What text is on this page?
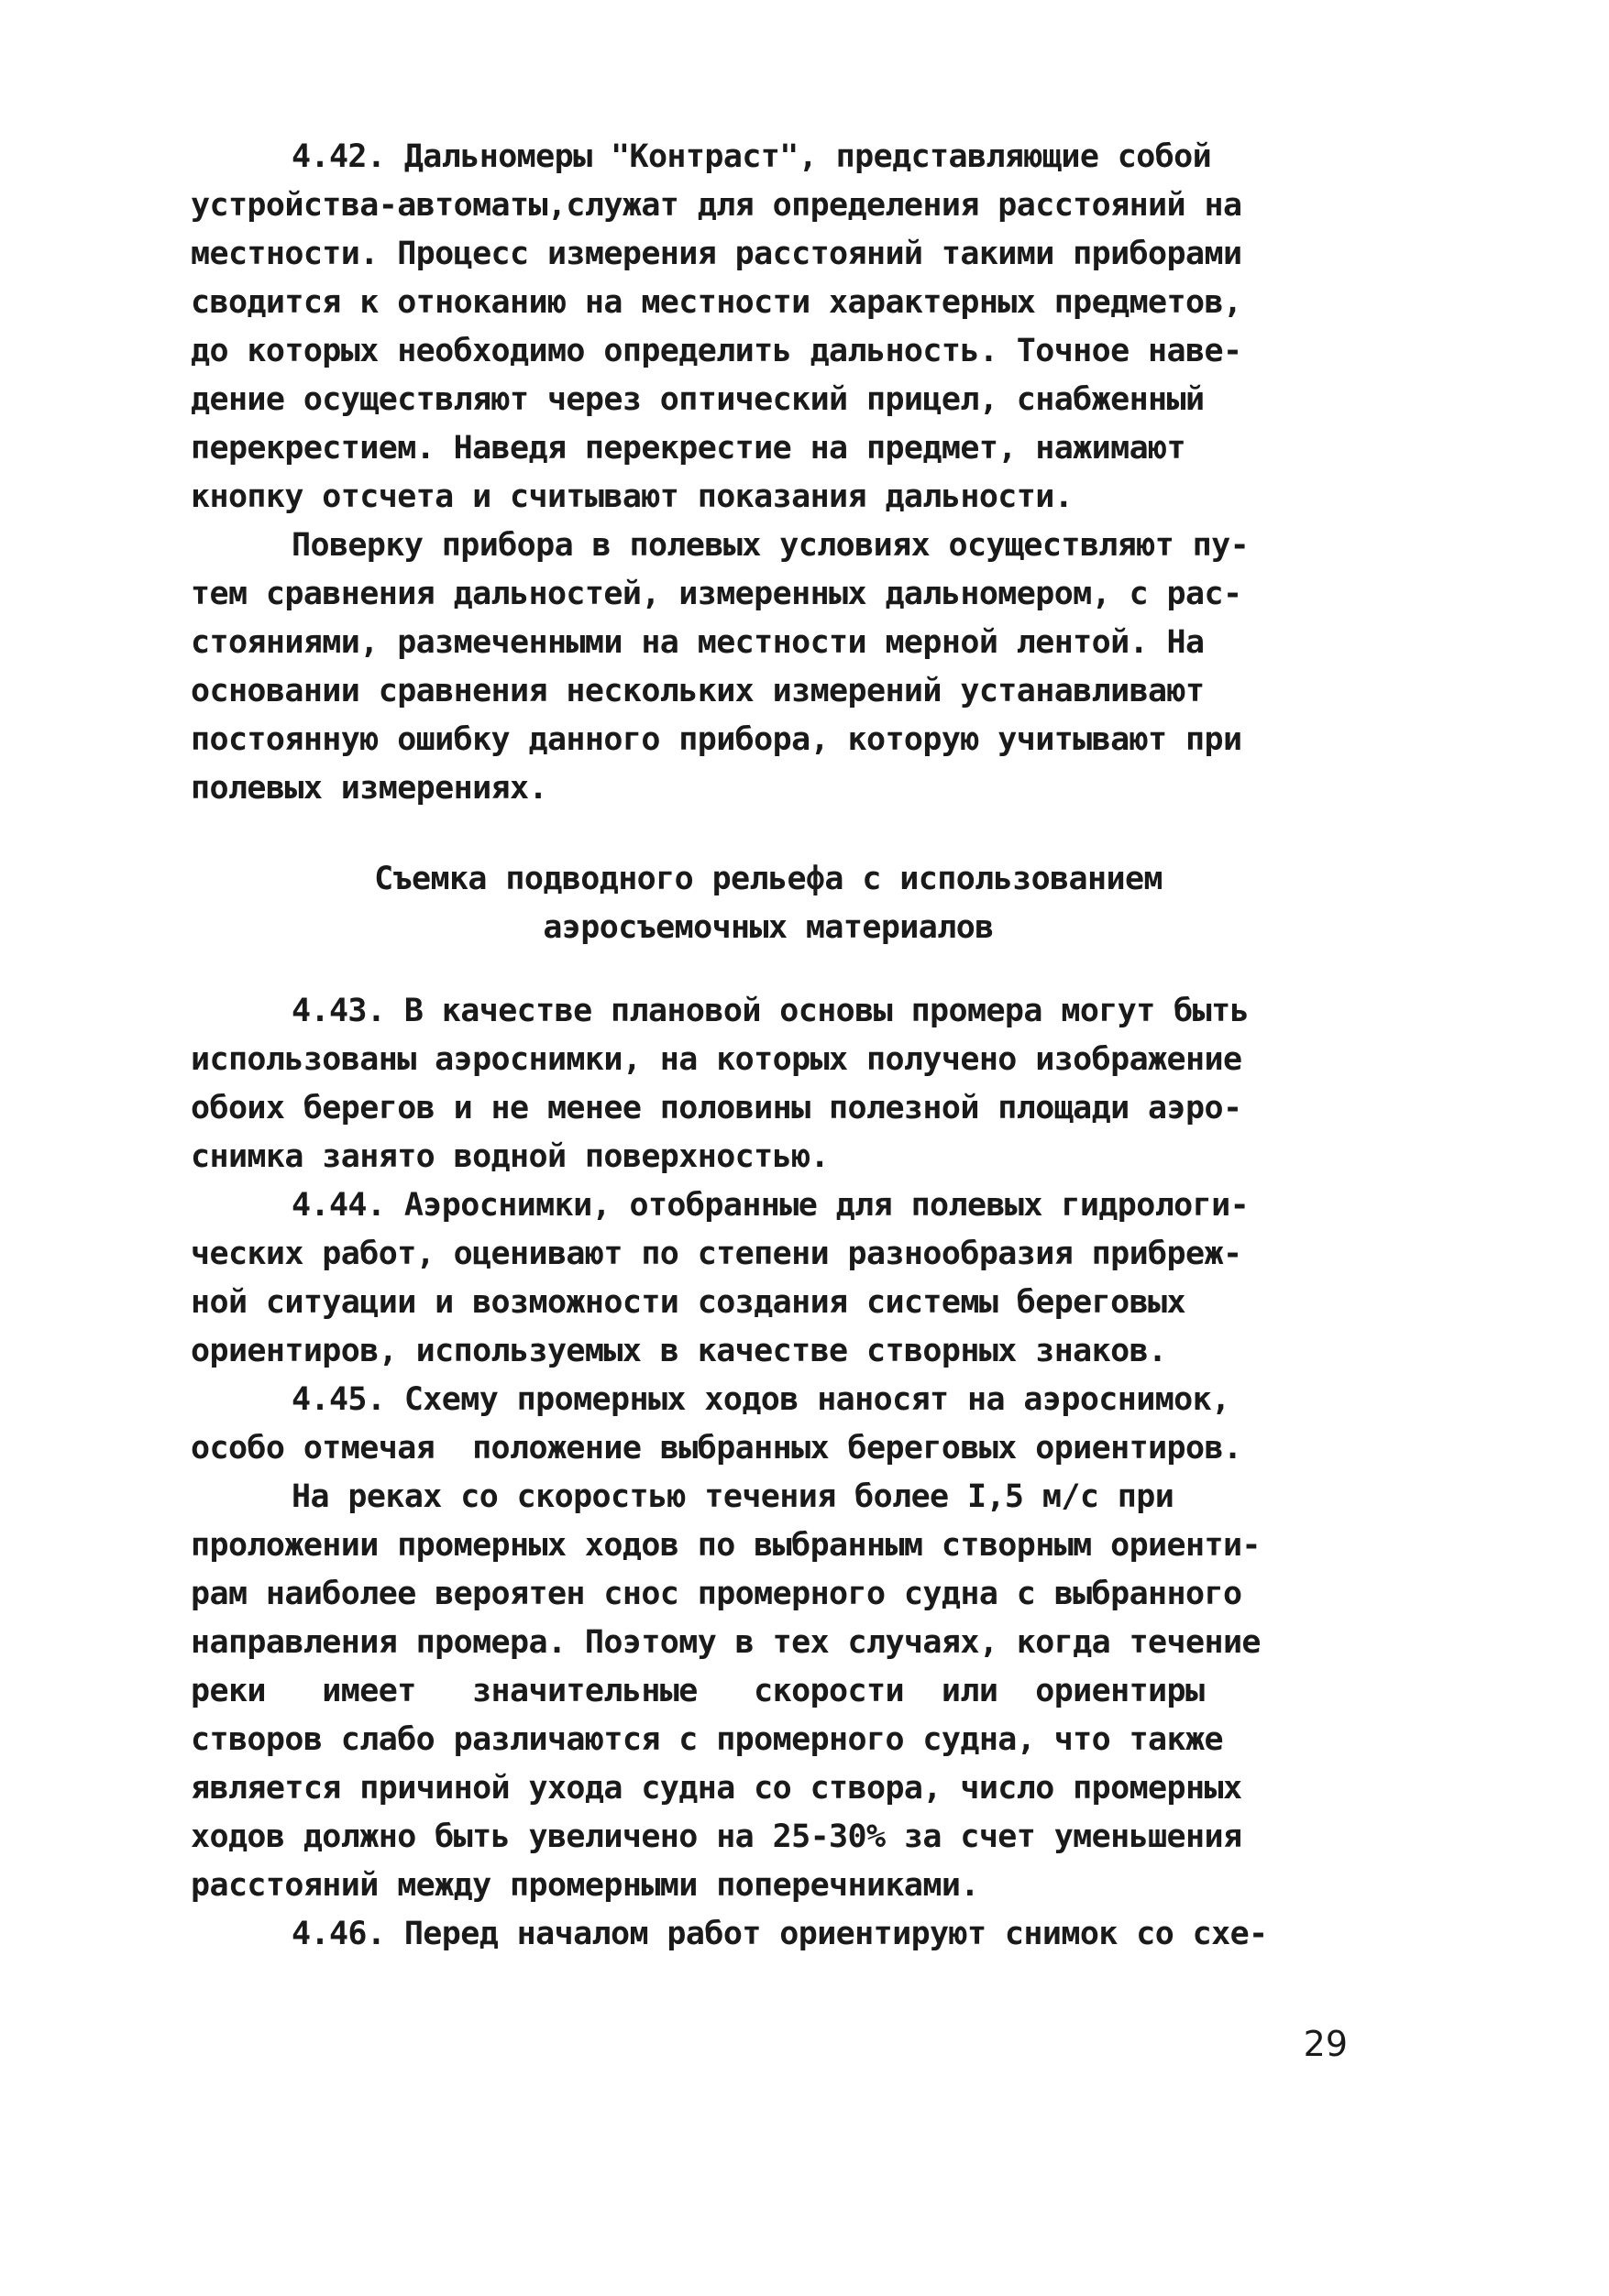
4.42. Дальномеры "Контраст", представляющие собой
устройства-автоматы,служат для определения расстояний на
местности. Процесс измерения расстояний такими приборами
сводится к отноканию на местности характерных предметов,
до которых необходимо определить дальность. Точное наве-
дение осуществляют через оптический прицел, снабженный
перекрестием. Наведя перекрестие на предмет, нажимают
кнопку отсчета и считывают показания дальности.
Поверку прибора в полевых условиях осуществляют пу-
тем сравнения дальностей, измеренных дальномером, с рас-
стояниями, размеченными на местности мерной лентой. На
основании сравнения нескольких измерений устанавливают
постоянную ошибку данного прибора, которую учитывают при
полевых измерениях.
Съемка подводного рельефа с использованием
аэросъемочных материалов
4.43. В качестве плановой основы промера могут быть
использованы аэроснимки, на которых получено изображение
обоих берегов и не менее половины полезной площади аэро-
снимка занято водной поверхностью.
4.44. Аэроснимки, отобранные для полевых гидрологи-
ческих работ, оценивают по степени разнообразия прибреж-
ной ситуации и возможности создания системы береговых
ориентиров, используемых в качестве створных знаков.
4.45. Схему промерных ходов наносят на аэроснимок,
особо отмечая  положение выбранных береговых ориентиров.
На реках со скоростью течения более I,5 м/с при
проложении промерных ходов по выбранным створным ориенти-
рам наиболее вероятен снос промерного судна с выбранного
направления промера. Поэтому в тех случаях, когда течение
реки   имеет   значительные   скорости  или  ориентиры
створов слабо различаются с промерного судна, что также
является причиной ухода судна со створа, число промерных
ходов должно быть увеличено на 25-30% за счет уменьшения
расстояний между промерными поперечниками.
4.46. Перед началом работ ориентируют снимок со схе-
29
